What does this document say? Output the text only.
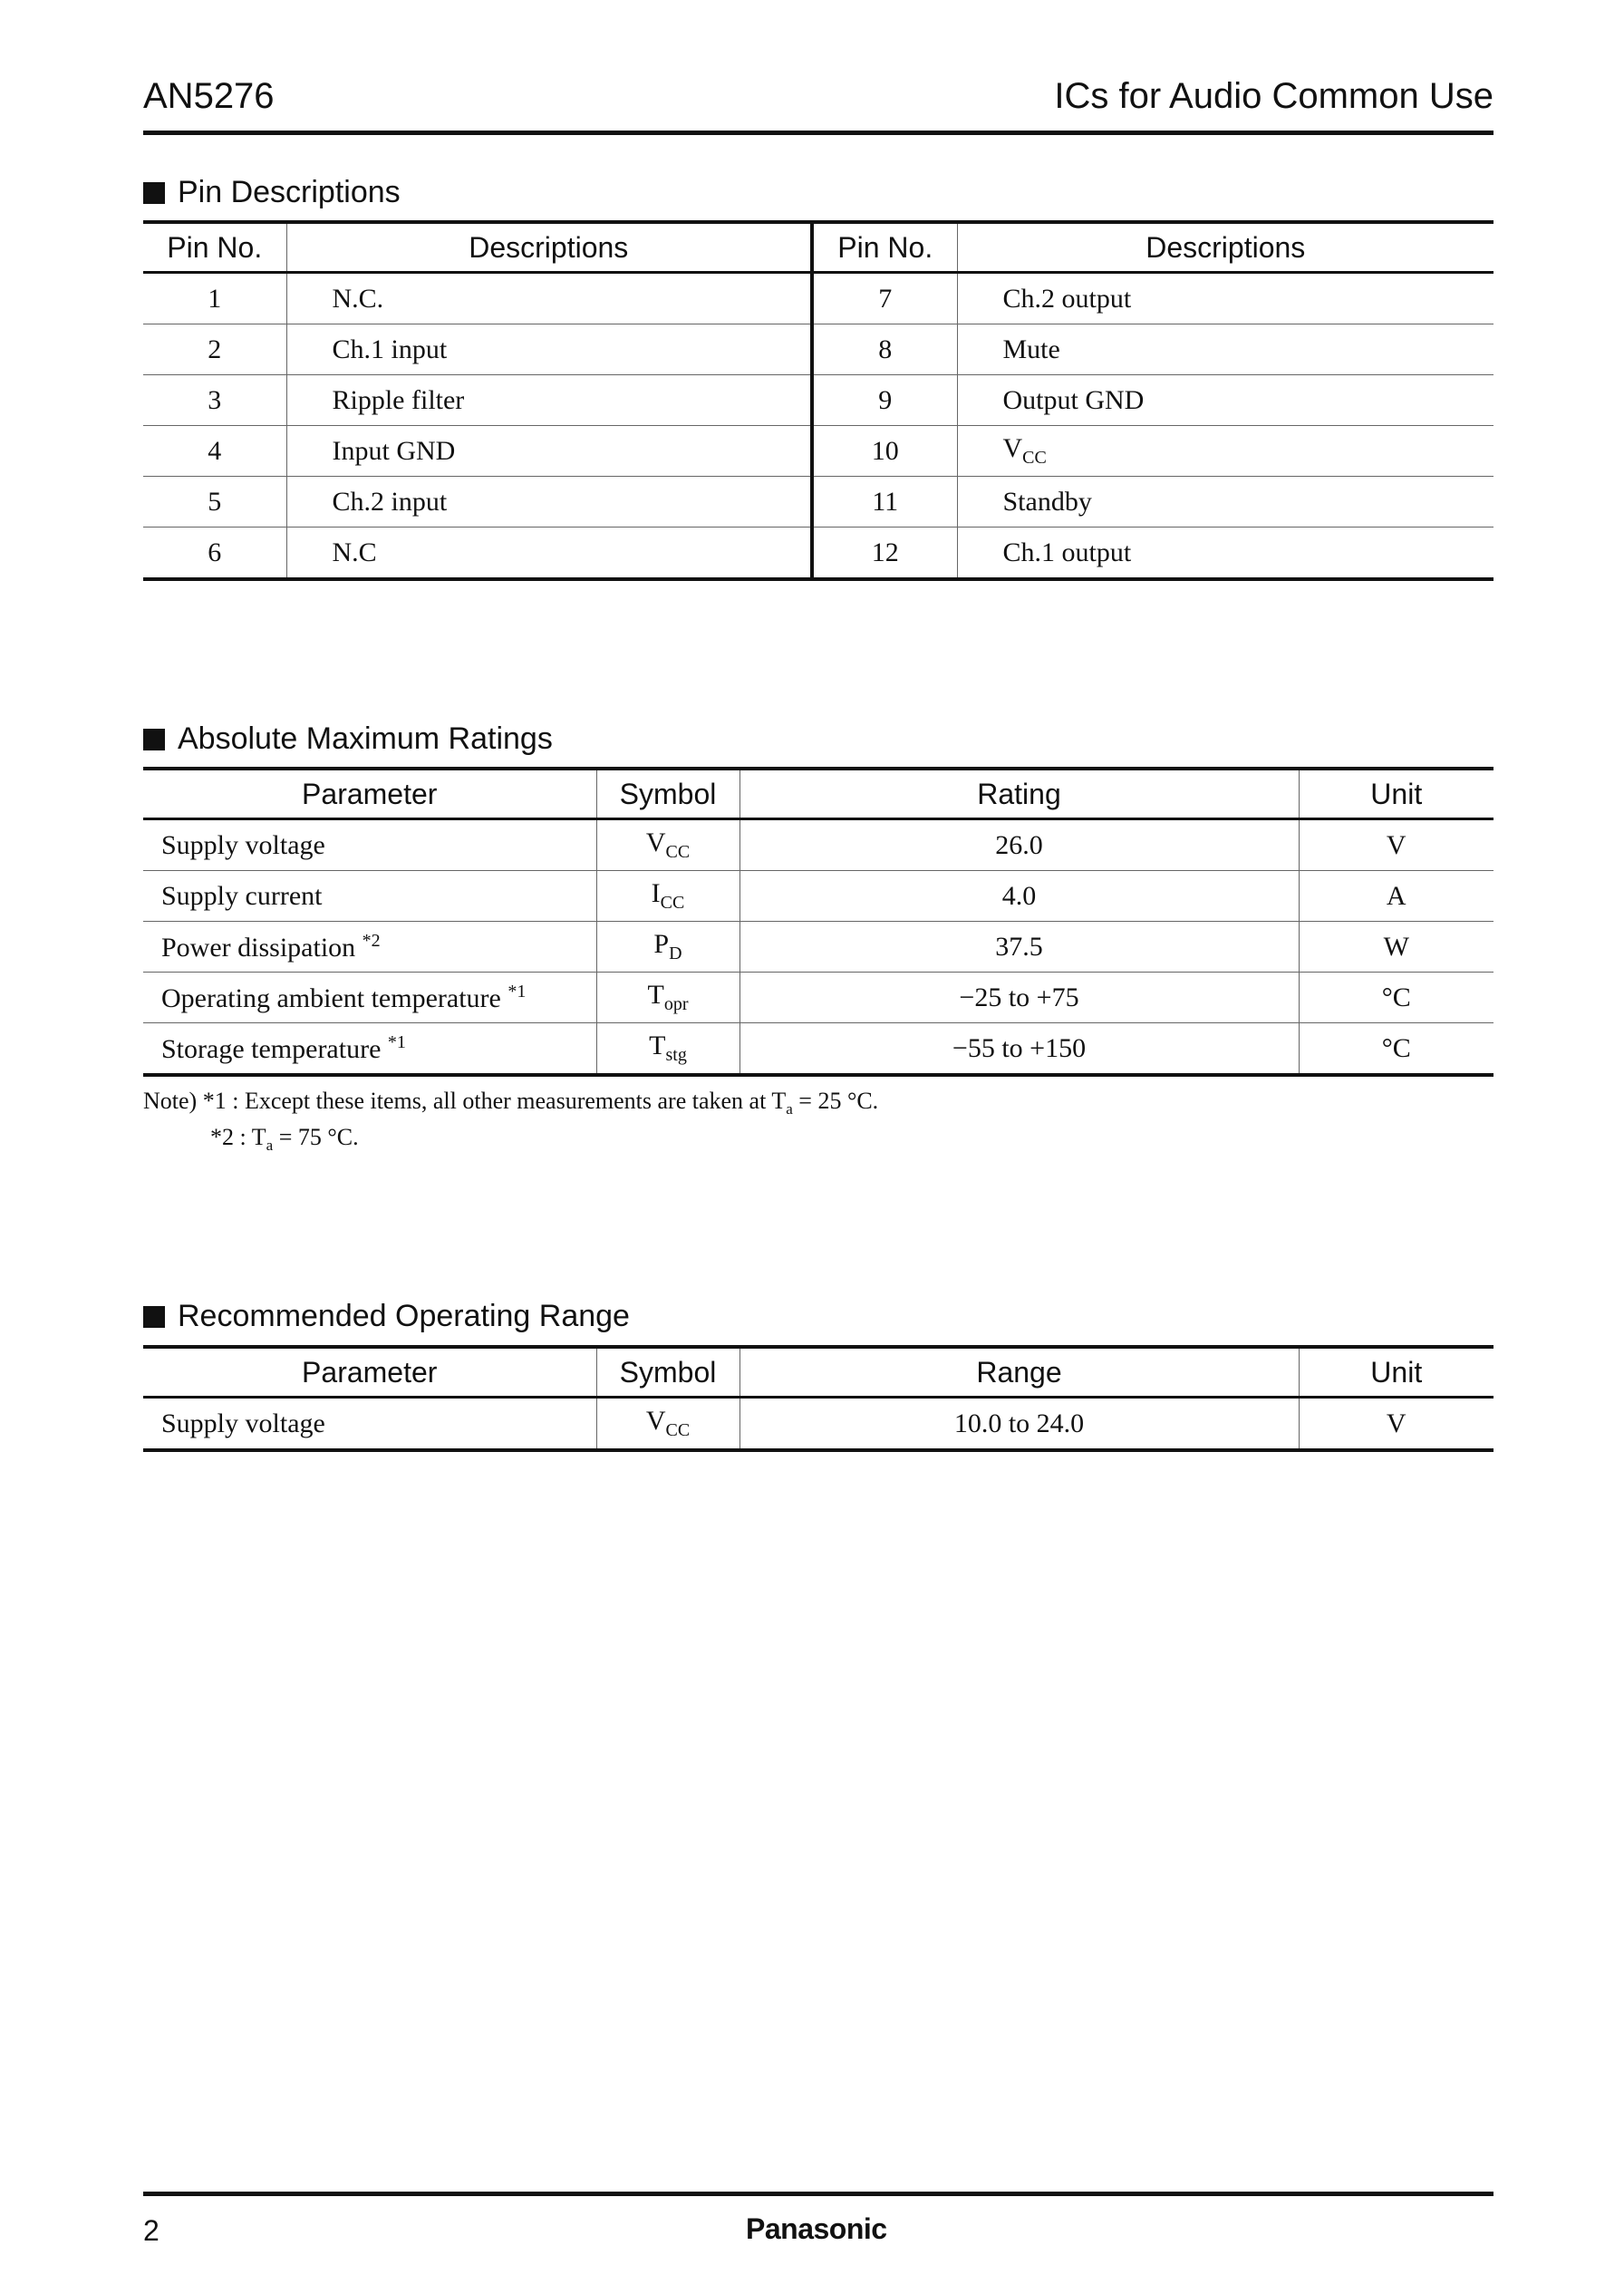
AN5276	ICs for Audio Common Use
Pin Descriptions
Pin No.	Descriptions	Pin No.	Descriptions
1	N.C.	7	Ch.2 output
2	Ch.1 input	8	Mute
3	Ripple filter	9	Output GND
4	Input GND	10	$V_{CC}$
5	Ch.2 input	11	Standby
6	N.C	12	Ch.1 output
Absolute Maximum Ratings
Parameter	Symbol	Rating	Unit
Supply voltage	$V_{CC}$	26.0	V
Supply current	$I_{CC}$	4.0	A
Power dissipation $^{*2}$	$P_D$	37.5	W
Operating ambient temperature $^{*1}$	$T_{opr}$	−25 to +75	°C
Storage temperature $^{*1}$	$T_{stg}$	−55 to +150	°C
Note) *1 : Except these items, all other measurements are taken at $T_a = 25$ °C.
*2 : $T_a = 75$ °C.
Recommended Operating Range
Parameter	Symbol	Range	Unit
Supply voltage	$V_{CC}$	10.0 to 24.0	V
2	Panasonic
